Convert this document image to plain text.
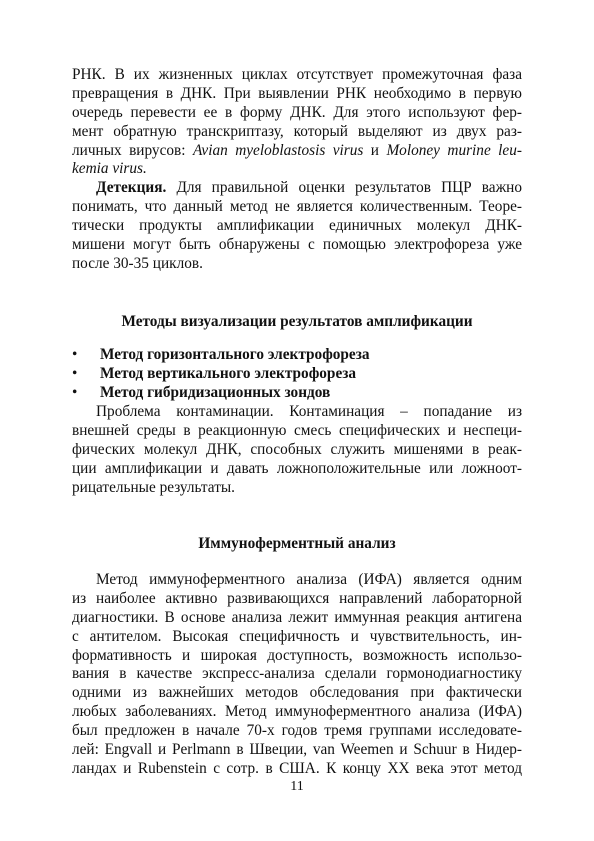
РНК. В их жизненных циклах отсутствует промежуточная фаза
превращения в ДНК. При выявлении РНК необходимо в первую
очередь перевести ее в форму ДНК. Для этого используют фер-
мент обратную транскриптазу, который выделяют из двух раз-
личных вирусов: Avian myeloblastosis virus и Moloney murine leu-
kemia virus.
Детекция. Для правильной оценки результатов ПЦР важно
понимать, что данный метод не является количественным. Теоре-
тически продукты амплификации единичных молекул ДНК-
мишени могут быть обнаружены с помощью электрофореза уже
после 30-35 циклов.
Методы визуализации результатов амплификации
•	Метод горизонтального электрофореза
•	Метод вертикального электрофореза
•	Метод гибридизационных зондов
Проблема контаминации. Контаминация – попадание из
внешней среды в реакционную смесь специфических и неспеци-
фических молекул ДНК, способных служить мишенями в реак-
ции амплификации и давать ложноположительные или ложноот-
рицательные результаты.
Иммуноферментный анализ
Метод иммуноферментного анализа (ИФА) является одним
из наиболее активно развивающихся направлений лабораторной
диагностики. В основе анализа лежит иммунная реакция антигена
с антителом. Высокая специфичность и чувствительность, ин-
формативность и широкая доступность, возможность использо-
вания в качестве экспресс-анализа сделали гормонодиагностику
одними из важнейших методов обследования при фактически
любых заболеваниях. Метод иммуноферментного анализа (ИФА)
был предложен в начале 70-х годов тремя группами исследовате-
лей: Engvall и Perlmann в Швеции, van Weemen и Schuur в Нидер-
ландах и Rubenstein с сотр. в США. К концу ХХ века этот метод
11
